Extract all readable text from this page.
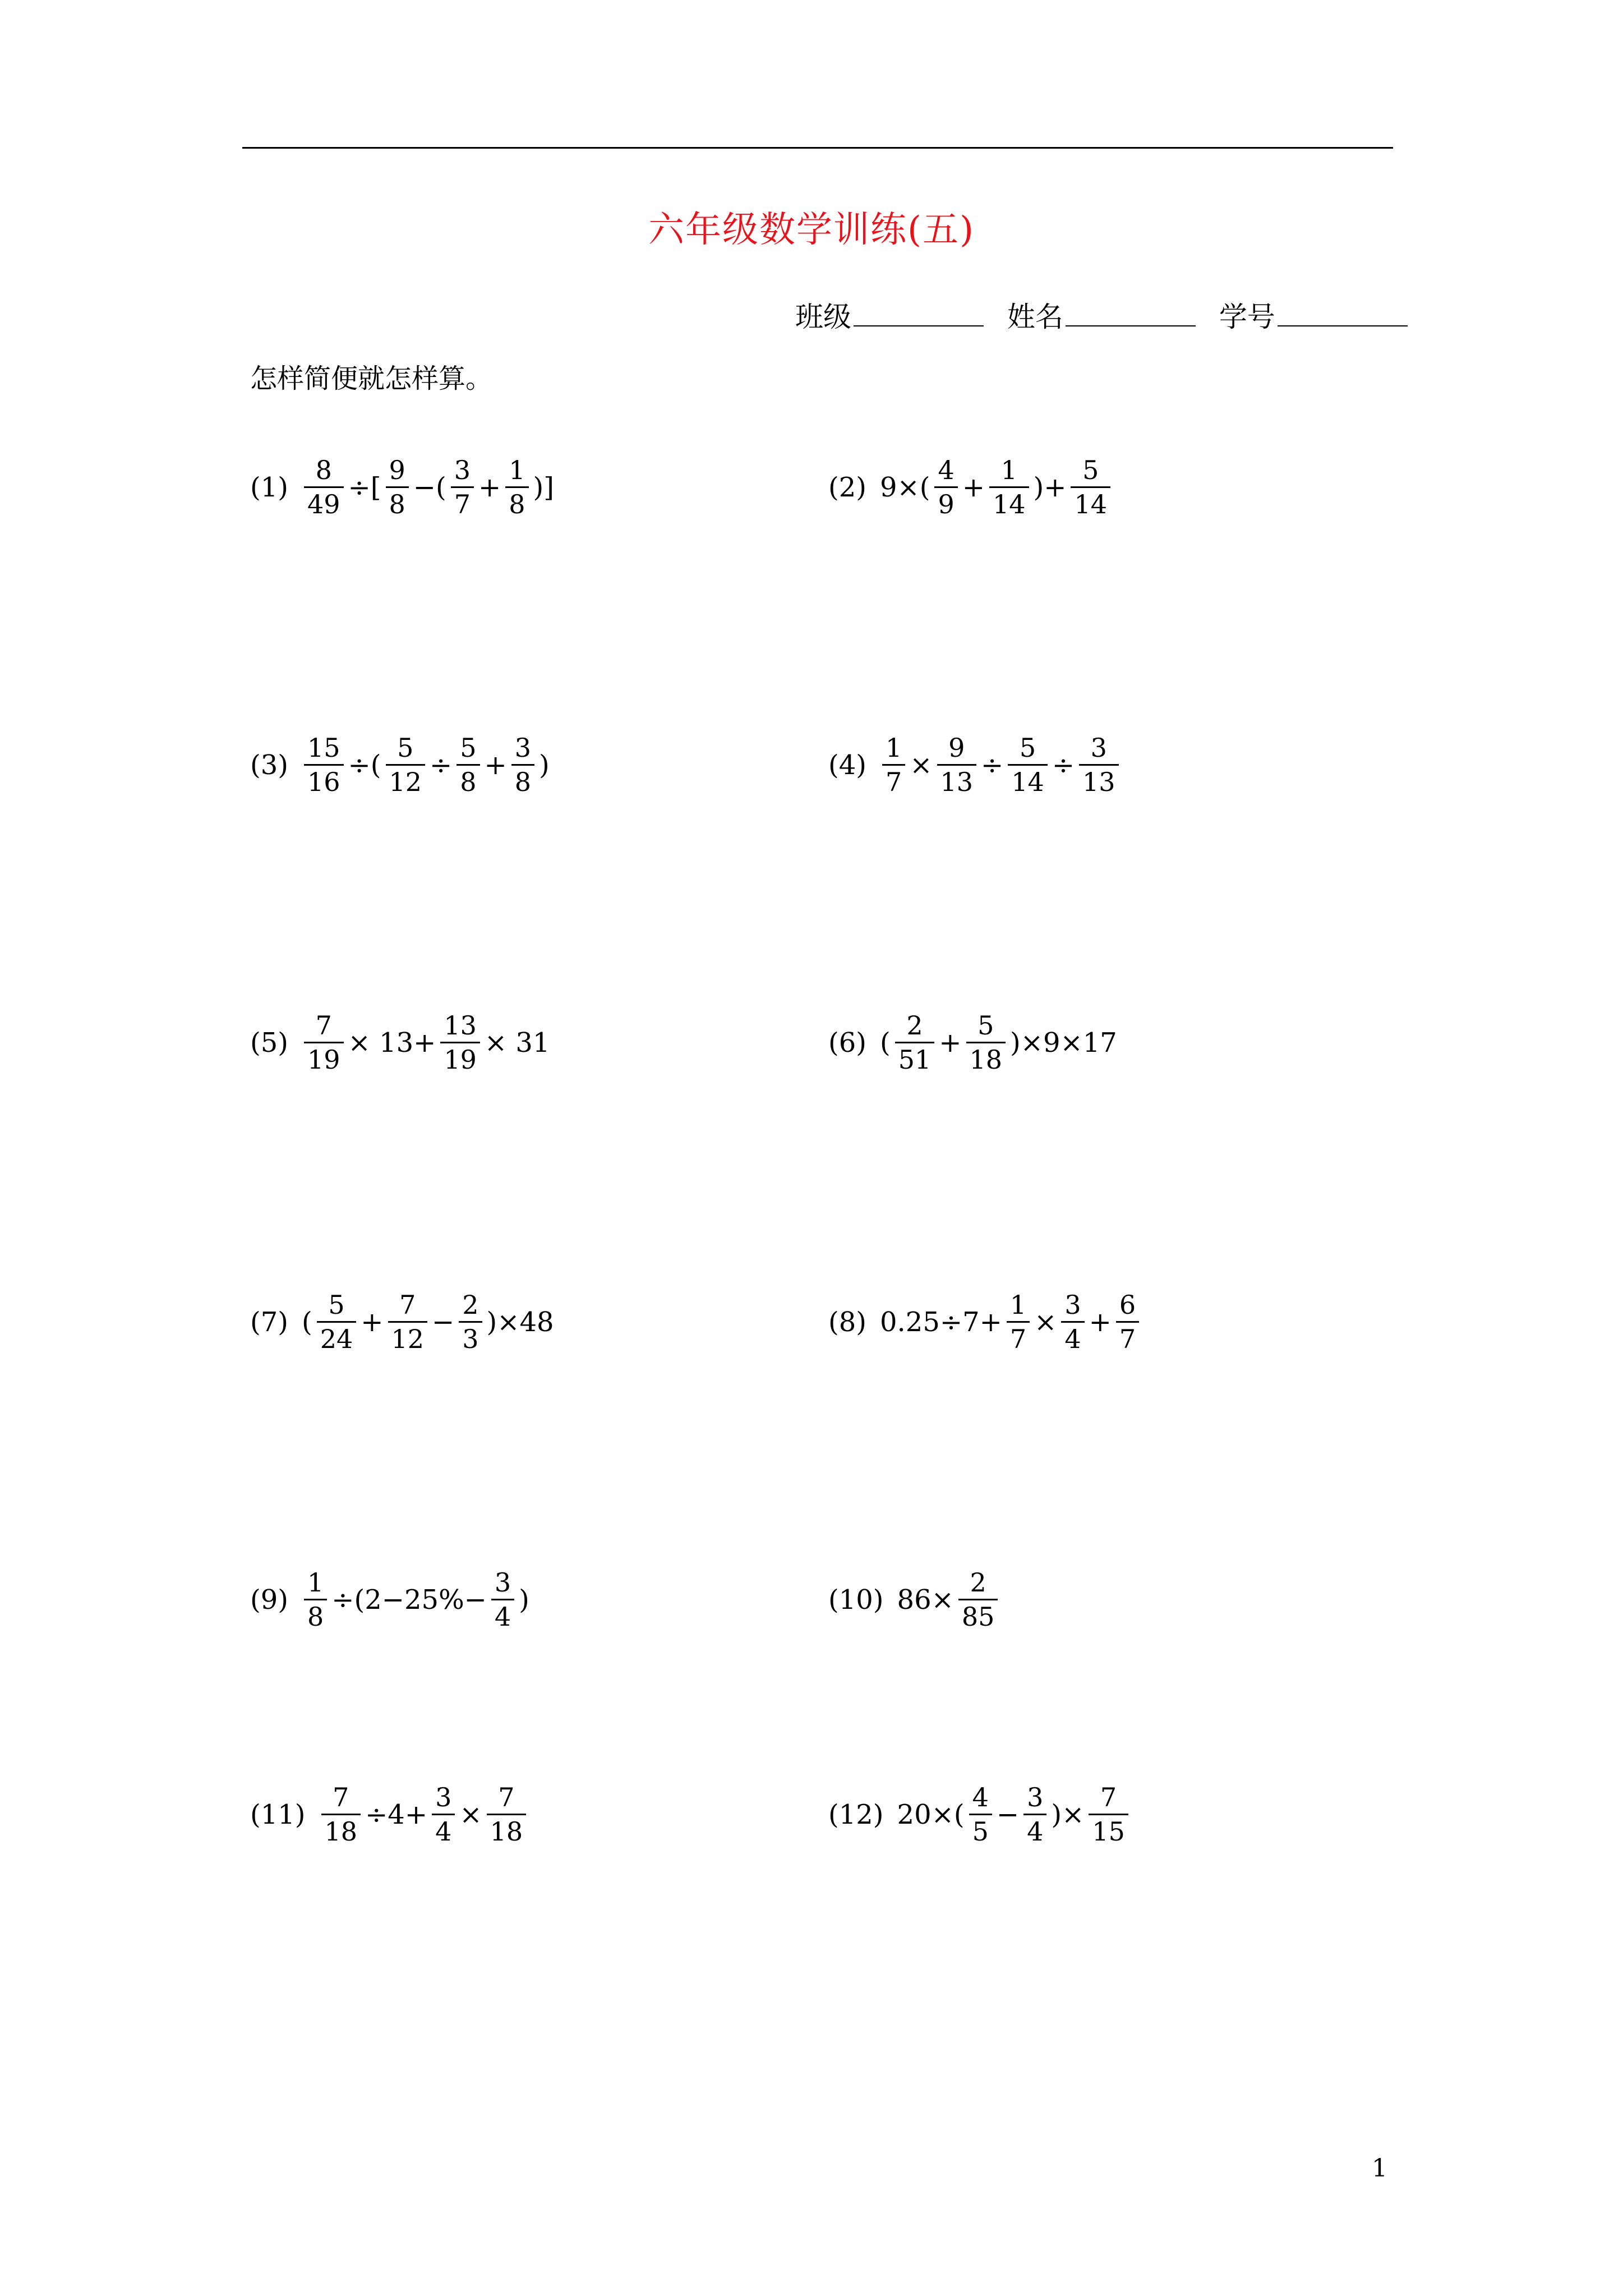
六年级数学训练(五)
班级	姓名	学号
怎样简便就怎样算。
$(1) \frac{8}{49}$ ÷[ $\frac{9}{8}$ −( $\frac{3}{7} + \frac{1}{8}$ )]	(2) $9\times( \frac{4}{9} + \frac{1}{14}$ )+ $\frac{5}{14}$
$(3) \frac{15}{16}$ ÷( $\frac{5}{12} \div \frac{5}{8} + \frac{3}{8}$ )	$(4) \frac{1}{7} \times \frac{9}{13} \div \frac{5}{14} \div \frac{3}{13}$
$(5) \frac{7}{19} \times 13+ \frac{13}{19} \times 31$	(6) ( $\frac{2}{51} + \frac{5}{18} )\times 9\times 17$
(7) ( $\frac{5}{24} + \frac{7}{12} - \frac{2}{3} )\times 48$	(8) $0.25\div 7+ \frac{1}{7} \times \frac{3}{4} + \frac{6}{7}$
$(9) \frac{1}{8} \div(2-25\%- \frac{3}{4}$ )	(10) $86\times \frac{2}{85}$
$(11) \frac{7}{18} \div 4+ \frac{3}{4} \times \frac{7}{18}$	(12) $20\times( \frac{4}{5} - \frac{3}{4}$ )× $\frac{7}{15}$
1
